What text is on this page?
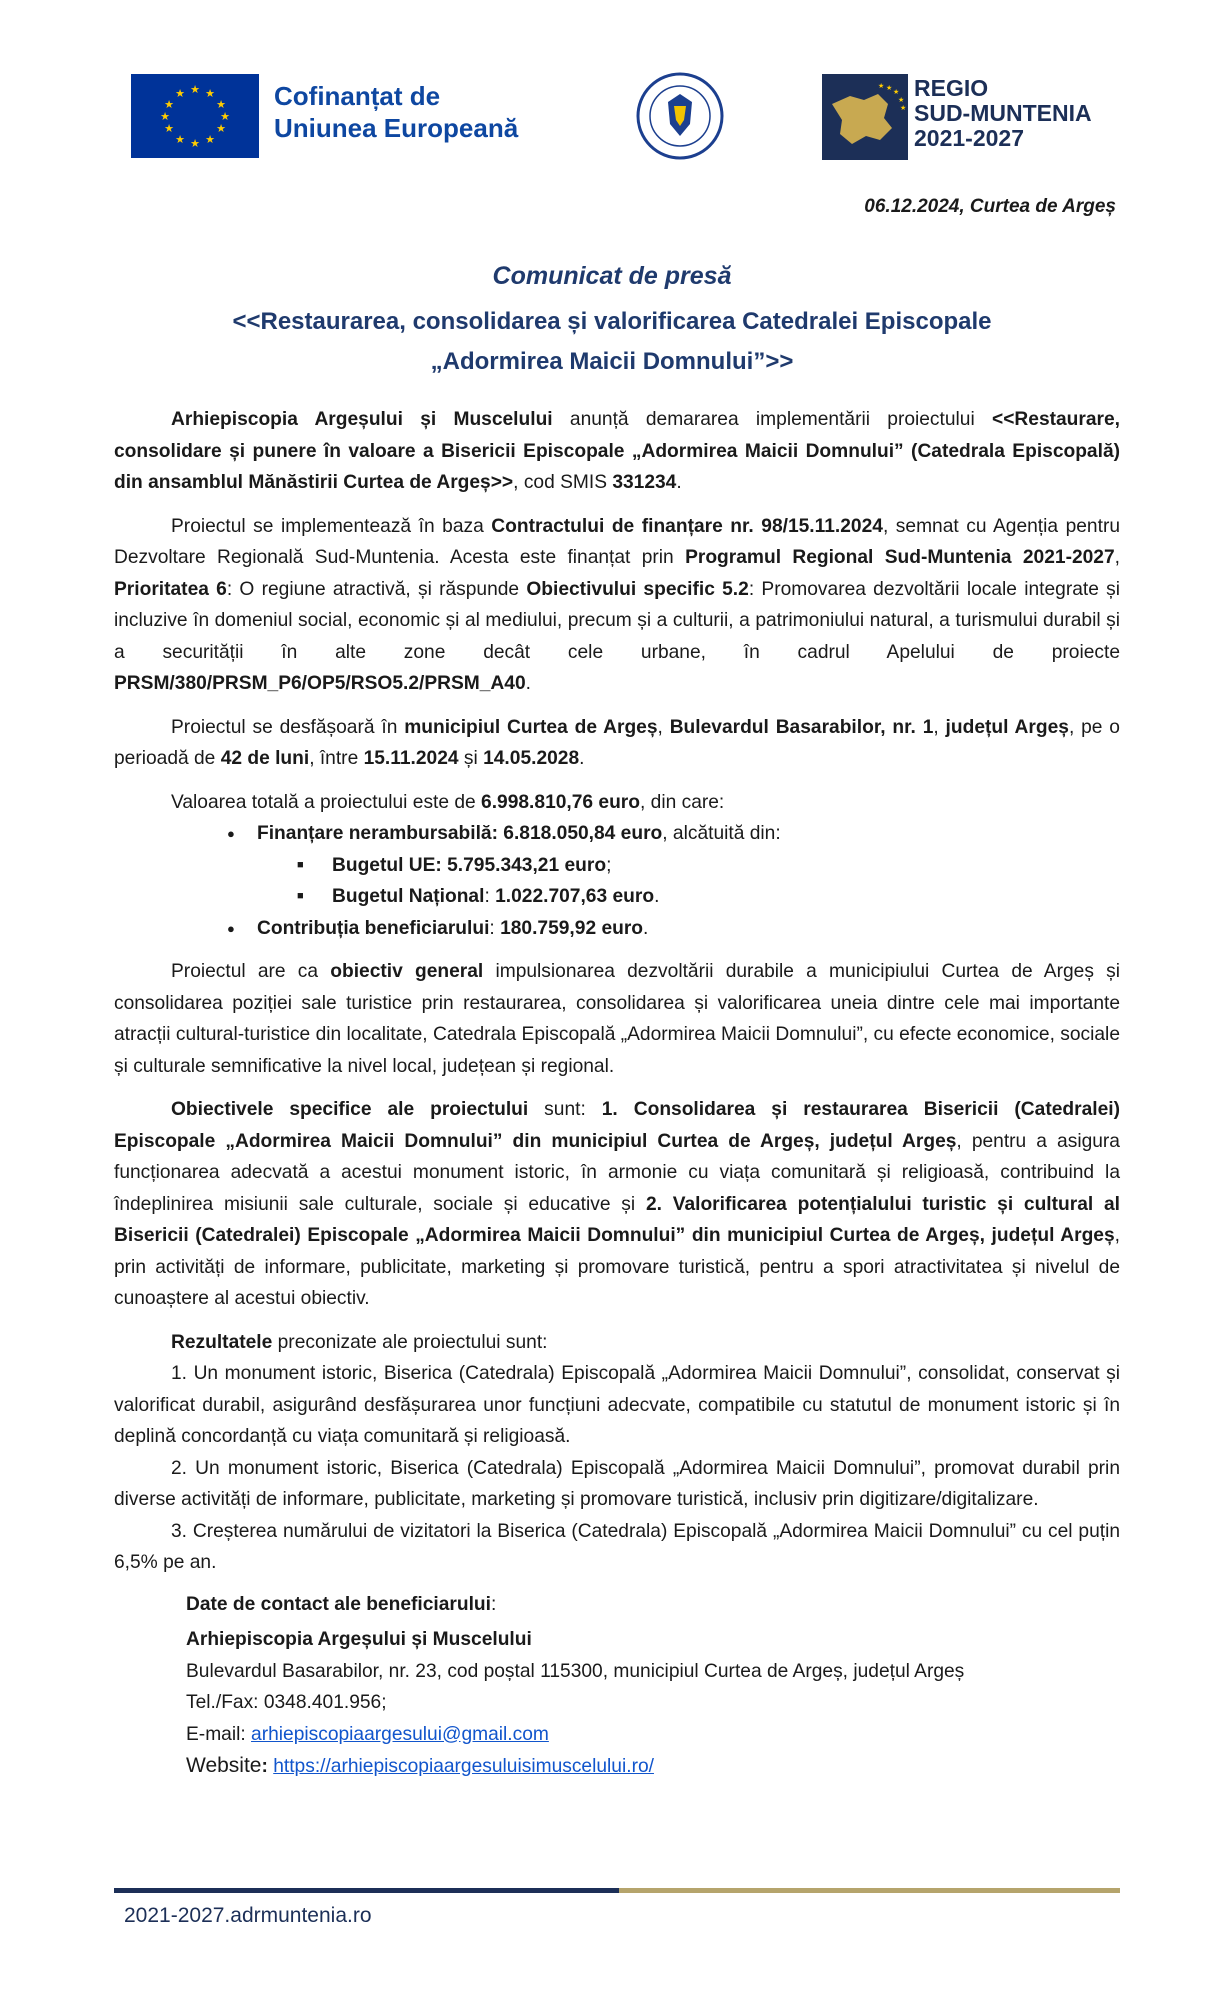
★ ★
★
★
★
★
★
★
★
★
★
★	Cofinanțat de
Uniunea Europeană
★ ★ ★
★
★
REGIO
SUD-MUNTENIA
2021-2027
06.12.2024, Curtea de Argeș
Comunicat de presă
<<Restaurarea, consolidarea și valorificarea Catedralei Episcopale
„Adormirea Maicii Domnului”>>

Arhiepiscopia Argeșului și Muscelului anunță demararea implementării proiectului <<Restaurare, consolidare și punere în valoare a Bisericii Episcopale „Adormirea Maicii Domnului” (Catedrala Episcopală) din ansamblul Mănăstirii Curtea de Argeș>>, cod SMIS 331234.

Proiectul se implementează în baza Contractului de finanțare nr. 98/15.11.2024, semnat cu Agenția pentru Dezvoltare Regională Sud-Muntenia. Acesta este finanțat prin Programul Regional Sud-Muntenia 2021-2027, Prioritatea 6: O regiune atractivă, și răspunde Obiectivului specific 5.2: Promovarea dezvoltării locale integrate și incluzive în domeniul social, economic și al mediului, precum și a culturii, a patrimoniului natural, a turismului durabil și a securității în alte zone decât cele urbane, în cadrul Apelului de proiecte PRSM/380/PRSM_P6/OP5/RSO5.2/PRSM_A40.

Proiectul se desfășoară în municipiul Curtea de Argeș, Bulevardul Basarabilor, nr. 1, județul Argeș, pe o perioadă de 42 de luni, între 15.11.2024 și 14.05.2028.

Valoarea totală a proiectului este de 6.998.810,76 euro, din care:

● Finanțare nerambursabilă: 6.818.050,84 euro, alcătuită din:
■ Bugetul UE: 5.795.343,21 euro;
■ Bugetul Național: 1.022.707,63 euro.
● Contribuția beneficiarului: 180.759,92 euro.

Proiectul are ca obiectiv general impulsionarea dezvoltării durabile a municipiului Curtea de Argeș și consolidarea poziției sale turistice prin restaurarea, consolidarea și valorificarea uneia dintre cele mai importante atracții cultural-turistice din localitate, Catedrala Episcopală „Adormirea Maicii Domnului”, cu efecte economice, sociale și culturale semnificative la nivel local, județean și regional.

Obiectivele specifice ale proiectului sunt: 1. Consolidarea și restaurarea Bisericii (Catedralei) Episcopale „Adormirea Maicii Domnului” din municipiul Curtea de Argeș, județul Argeș, pentru a asigura funcționarea adecvată a acestui monument istoric, în armonie cu viața comunitară și religioasă, contribuind la îndeplinirea misiunii sale culturale, sociale și educative și 2. Valorificarea potențialului turistic și cultural al Bisericii (Catedralei) Episcopale „Adormirea Maicii Domnului” din municipiul Curtea de Argeș, județul Argeș, prin activități de informare, publicitate, marketing și promovare turistică, pentru a spori atractivitatea și nivelul de cunoaștere al acestui obiectiv.

Rezultatele preconizate ale proiectului sunt:

1. Un monument istoric, Biserica (Catedrala) Episcopală „Adormirea Maicii Domnului”, consolidat, conservat și valorificat durabil, asigurând desfășurarea unor funcțiuni adecvate, compatibile cu statutul de monument istoric și în deplină concordanță cu viața comunitară și religioasă.

2. Un monument istoric, Biserica (Catedrala) Episcopală „Adormirea Maicii Domnului”, promovat durabil prin diverse activități de informare, publicitate, marketing și promovare turistică, inclusiv prin digitizare/digitalizare.

3. Creșterea numărului de vizitatori la Biserica (Catedrala) Episcopală „Adormirea Maicii Domnului” cu cel puțin 6,5% pe an.

Date de contact ale beneficiarului:
Arhiepiscopia Argeșului și Muscelului
Bulevardul Basarabilor, nr. 23, cod poștal 115300, municipiul Curtea de Argeș, județul Argeș
Tel./Fax: 0348.401.956;
E-mail: arhiepiscopiaargesului@gmail.com
Website: https://arhiepiscopiaargesuluisimuscelului.ro/
2021-2027.adrmuntenia.ro
